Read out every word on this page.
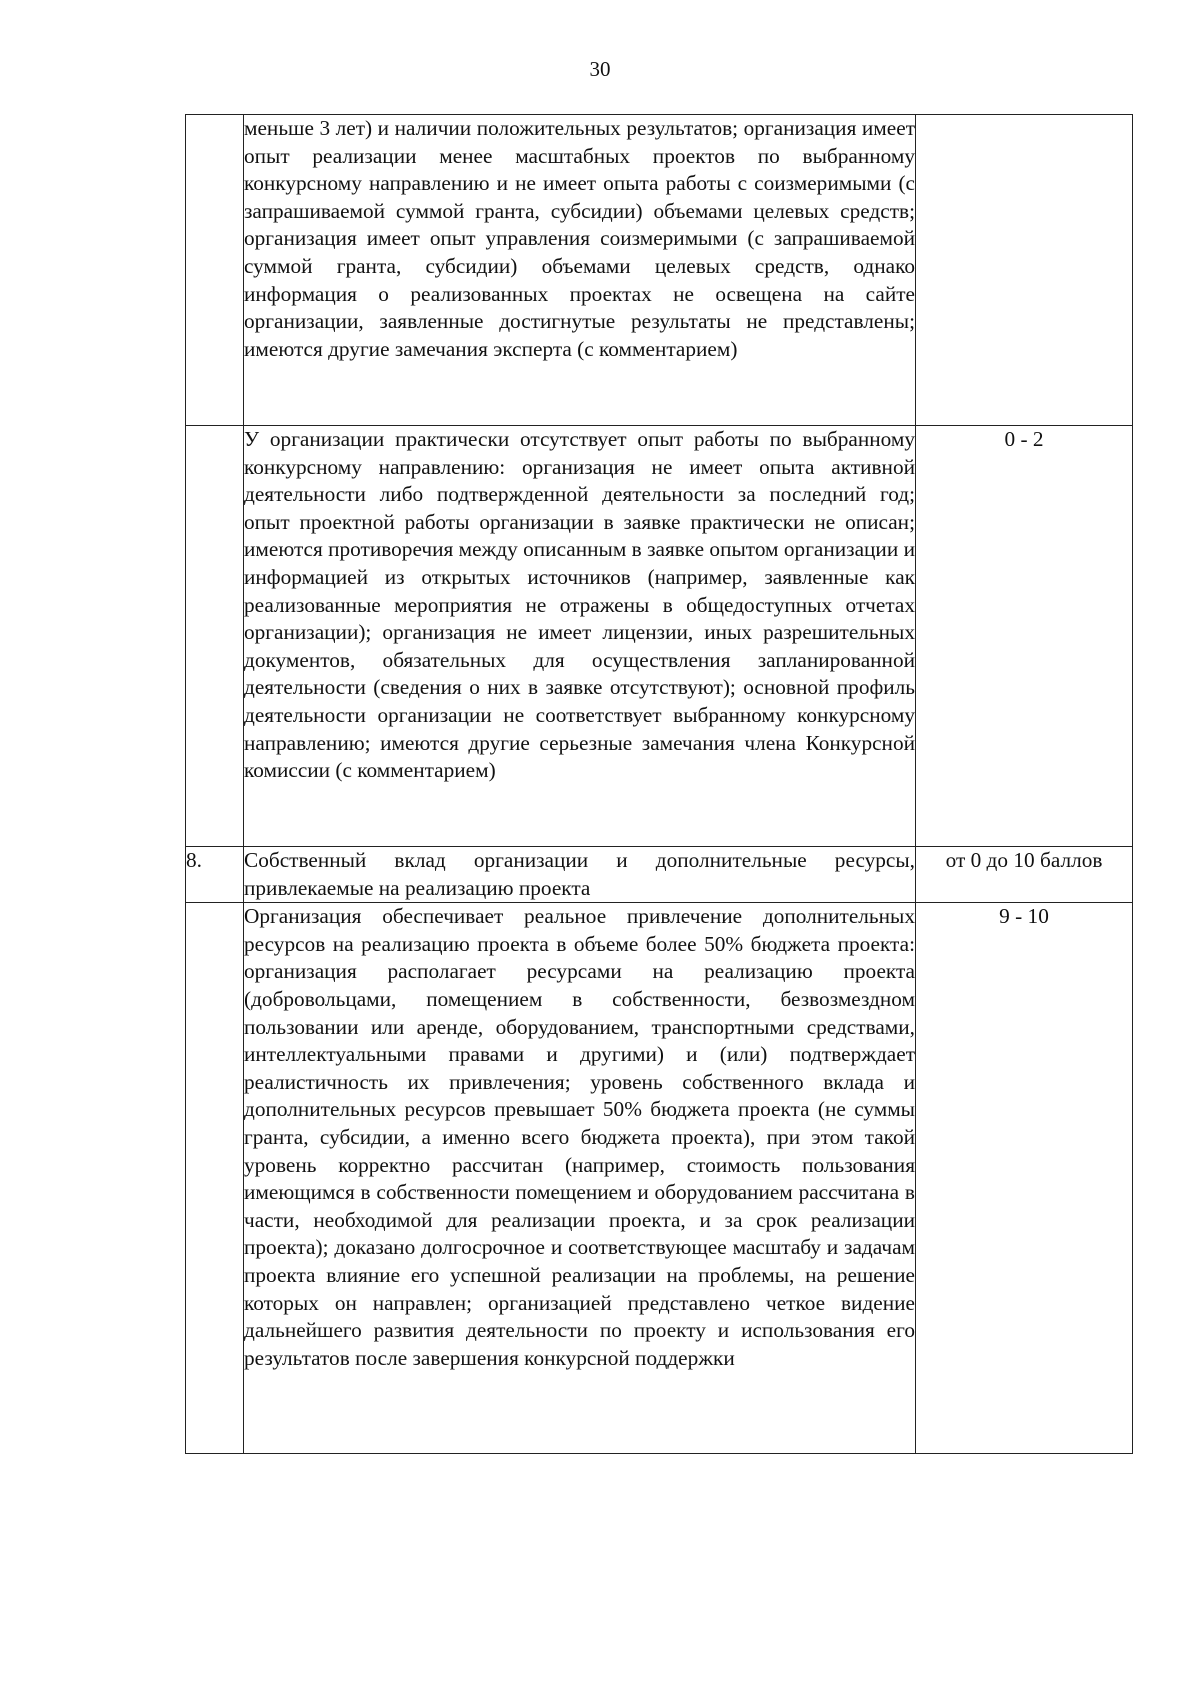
30
	меньше 3 лет) и наличии положительных результатов; организация имеет опыт реализации менее масштабных проектов по выбранному конкурсному направлению и не имеет опыта работы с соизмеримыми (с запрашиваемой суммой гранта, субсидии) объемами целевых средств; организация имеет опыт управления соизмеримыми (с запрашиваемой суммой гранта, субсидии) объемами целевых средств, однако информация о реализованных проектах не освещена на сайте организации, заявленные достигнутые результаты не представлены; имеются другие замечания эксперта (с комментарием)	
	У организации практически отсутствует опыт работы по выбранному конкурсному направлению: организация не имеет опыта активной деятельности либо подтвержденной деятельности за последний год; опыт проектной работы организации в заявке практически не описан; имеются противоречия между описанным в заявке опытом организации и информацией из открытых источников (например, заявленные как реализованные мероприятия не отражены в общедоступных отчетах организации); организация не имеет лицензии, иных разрешительных документов, обязательных для осуществления запланированной деятельности (сведения о них в заявке отсутствуют); основной профиль деятельности организации не соответствует выбранному конкурсному направлению; имеются другие серьезные замечания члена Конкурсной комиссии (с комментарием)	0 - 2
8.	Собственный вклад организации и дополнительные ресурсы, привлекаемые на реализацию проекта	от 0 до 10 баллов
	Организация обеспечивает реальное привлечение дополнительных ресурсов на реализацию проекта в объеме более 50% бюджета проекта: организация располагает ресурсами на реализацию проекта (добровольцами, помещением в собственности, безвозмездном пользовании или аренде, оборудованием, транспортными средствами, интеллектуальными правами и другими) и (или) подтверждает реалистичность их привлечения; уровень собственного вклада и дополнительных ресурсов превышает 50% бюджета проекта (не суммы гранта, субсидии, а именно всего бюджета проекта), при этом такой уровень корректно рассчитан (например, стоимость пользования имеющимся в собственности помещением и оборудованием рассчитана в части, необходимой для реализации проекта, и за срок реализации проекта); доказано долгосрочное и соответствующее масштабу и задачам проекта влияние его успешной реализации на проблемы, на решение которых он направлен; организацией представлено четкое видение дальнейшего развития деятельности по проекту и использования его результатов после завершения конкурсной поддержки	9 - 10
